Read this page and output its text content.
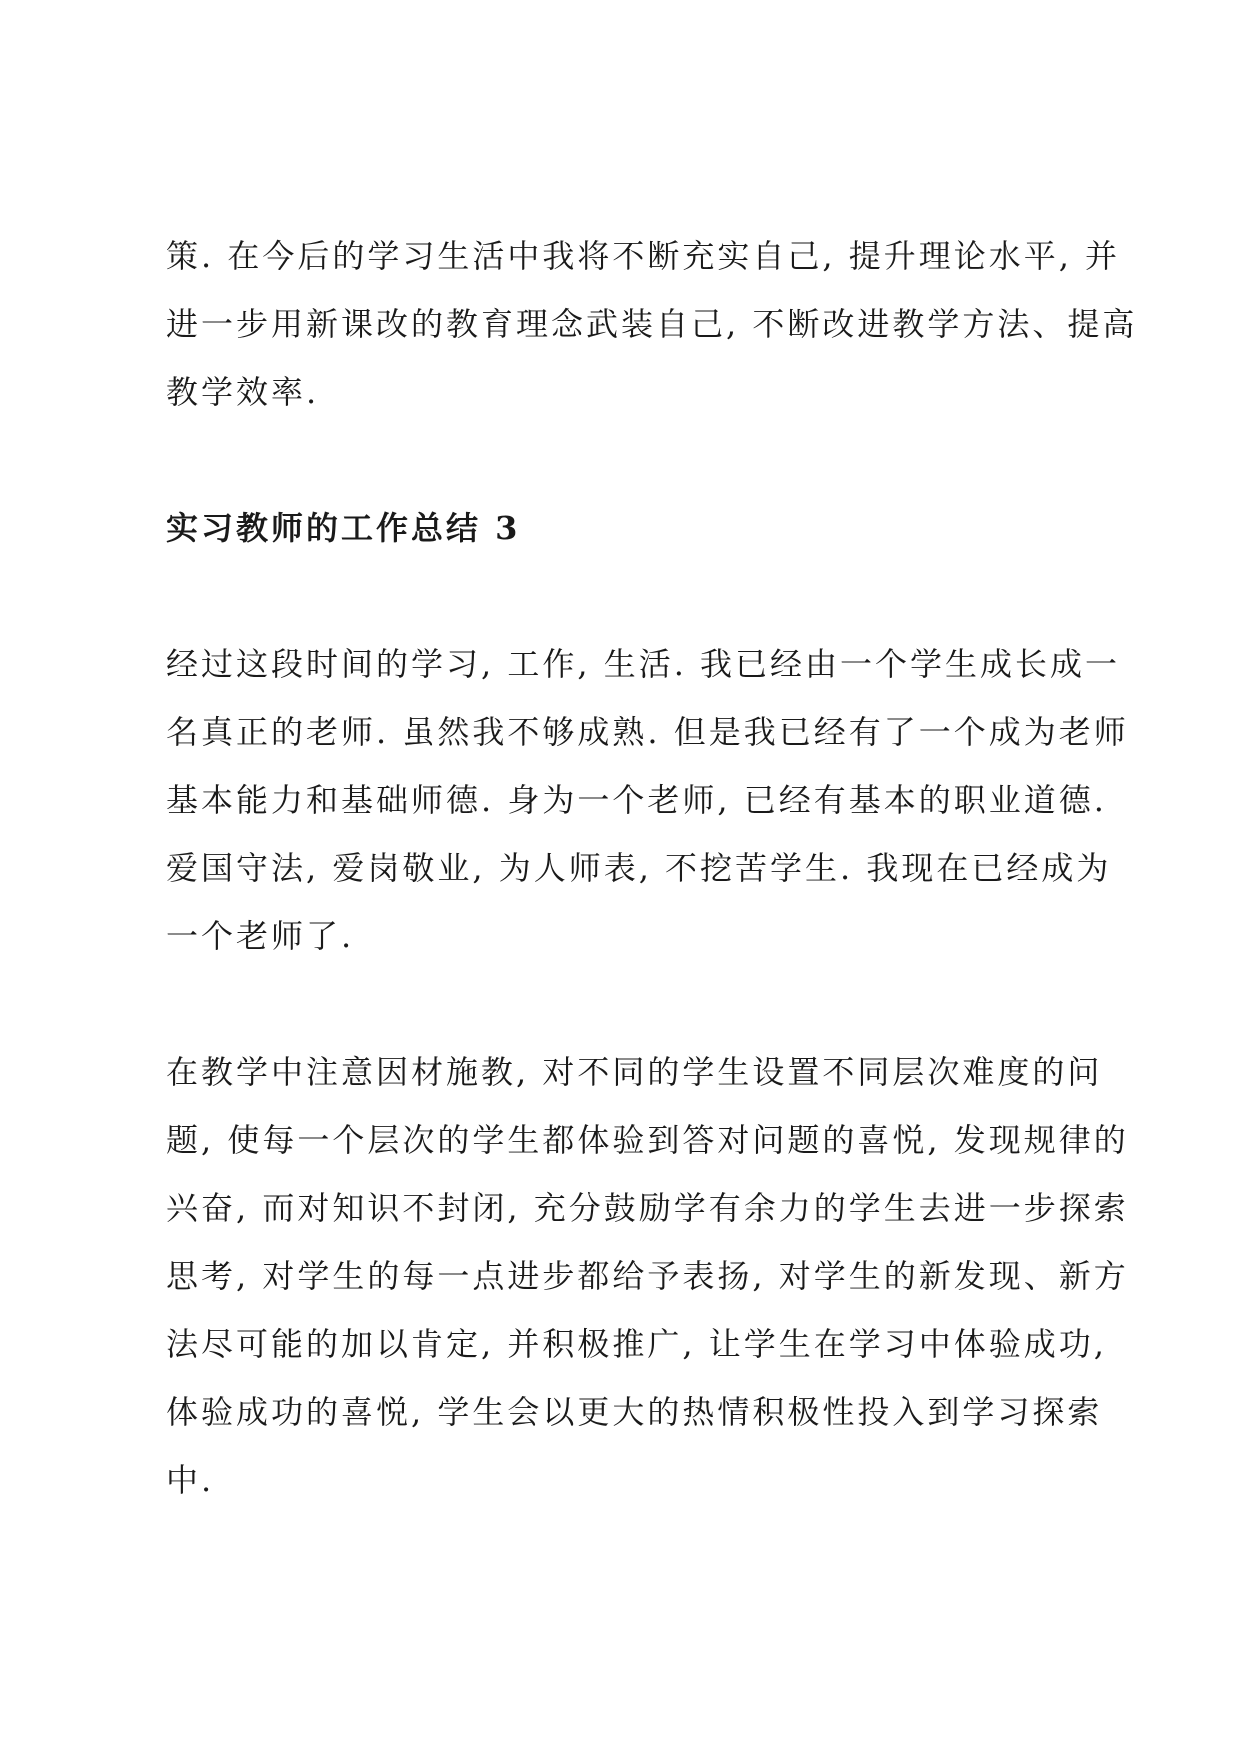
策. 在今后的学习生活中我将不断充实自己, 提升理论水平, 并
进一步用新课改的教育理念武装自己, 不断改进教学方法、提高
教学效率.

实习教师的工作总结 3

经过这段时间的学习, 工作, 生活. 我已经由一个学生成长成一
名真正的老师. 虽然我不够成熟. 但是我已经有了一个成为老师
基本能力和基础师德. 身为一个老师, 已经有基本的职业道德.
爱国守法, 爱岗敬业, 为人师表, 不挖苦学生. 我现在已经成为
一个老师了.

在教学中注意因材施教, 对不同的学生设置不同层次难度的问
题, 使每一个层次的学生都体验到答对问题的喜悦, 发现规律的
兴奋, 而对知识不封闭, 充分鼓励学有余力的学生去进一步探索
思考, 对学生的每一点进步都给予表扬, 对学生的新发现、新方
法尽可能的加以肯定, 并积极推广, 让学生在学习中体验成功,
体验成功的喜悦, 学生会以更大的热情积极性投入到学习探索
中.
